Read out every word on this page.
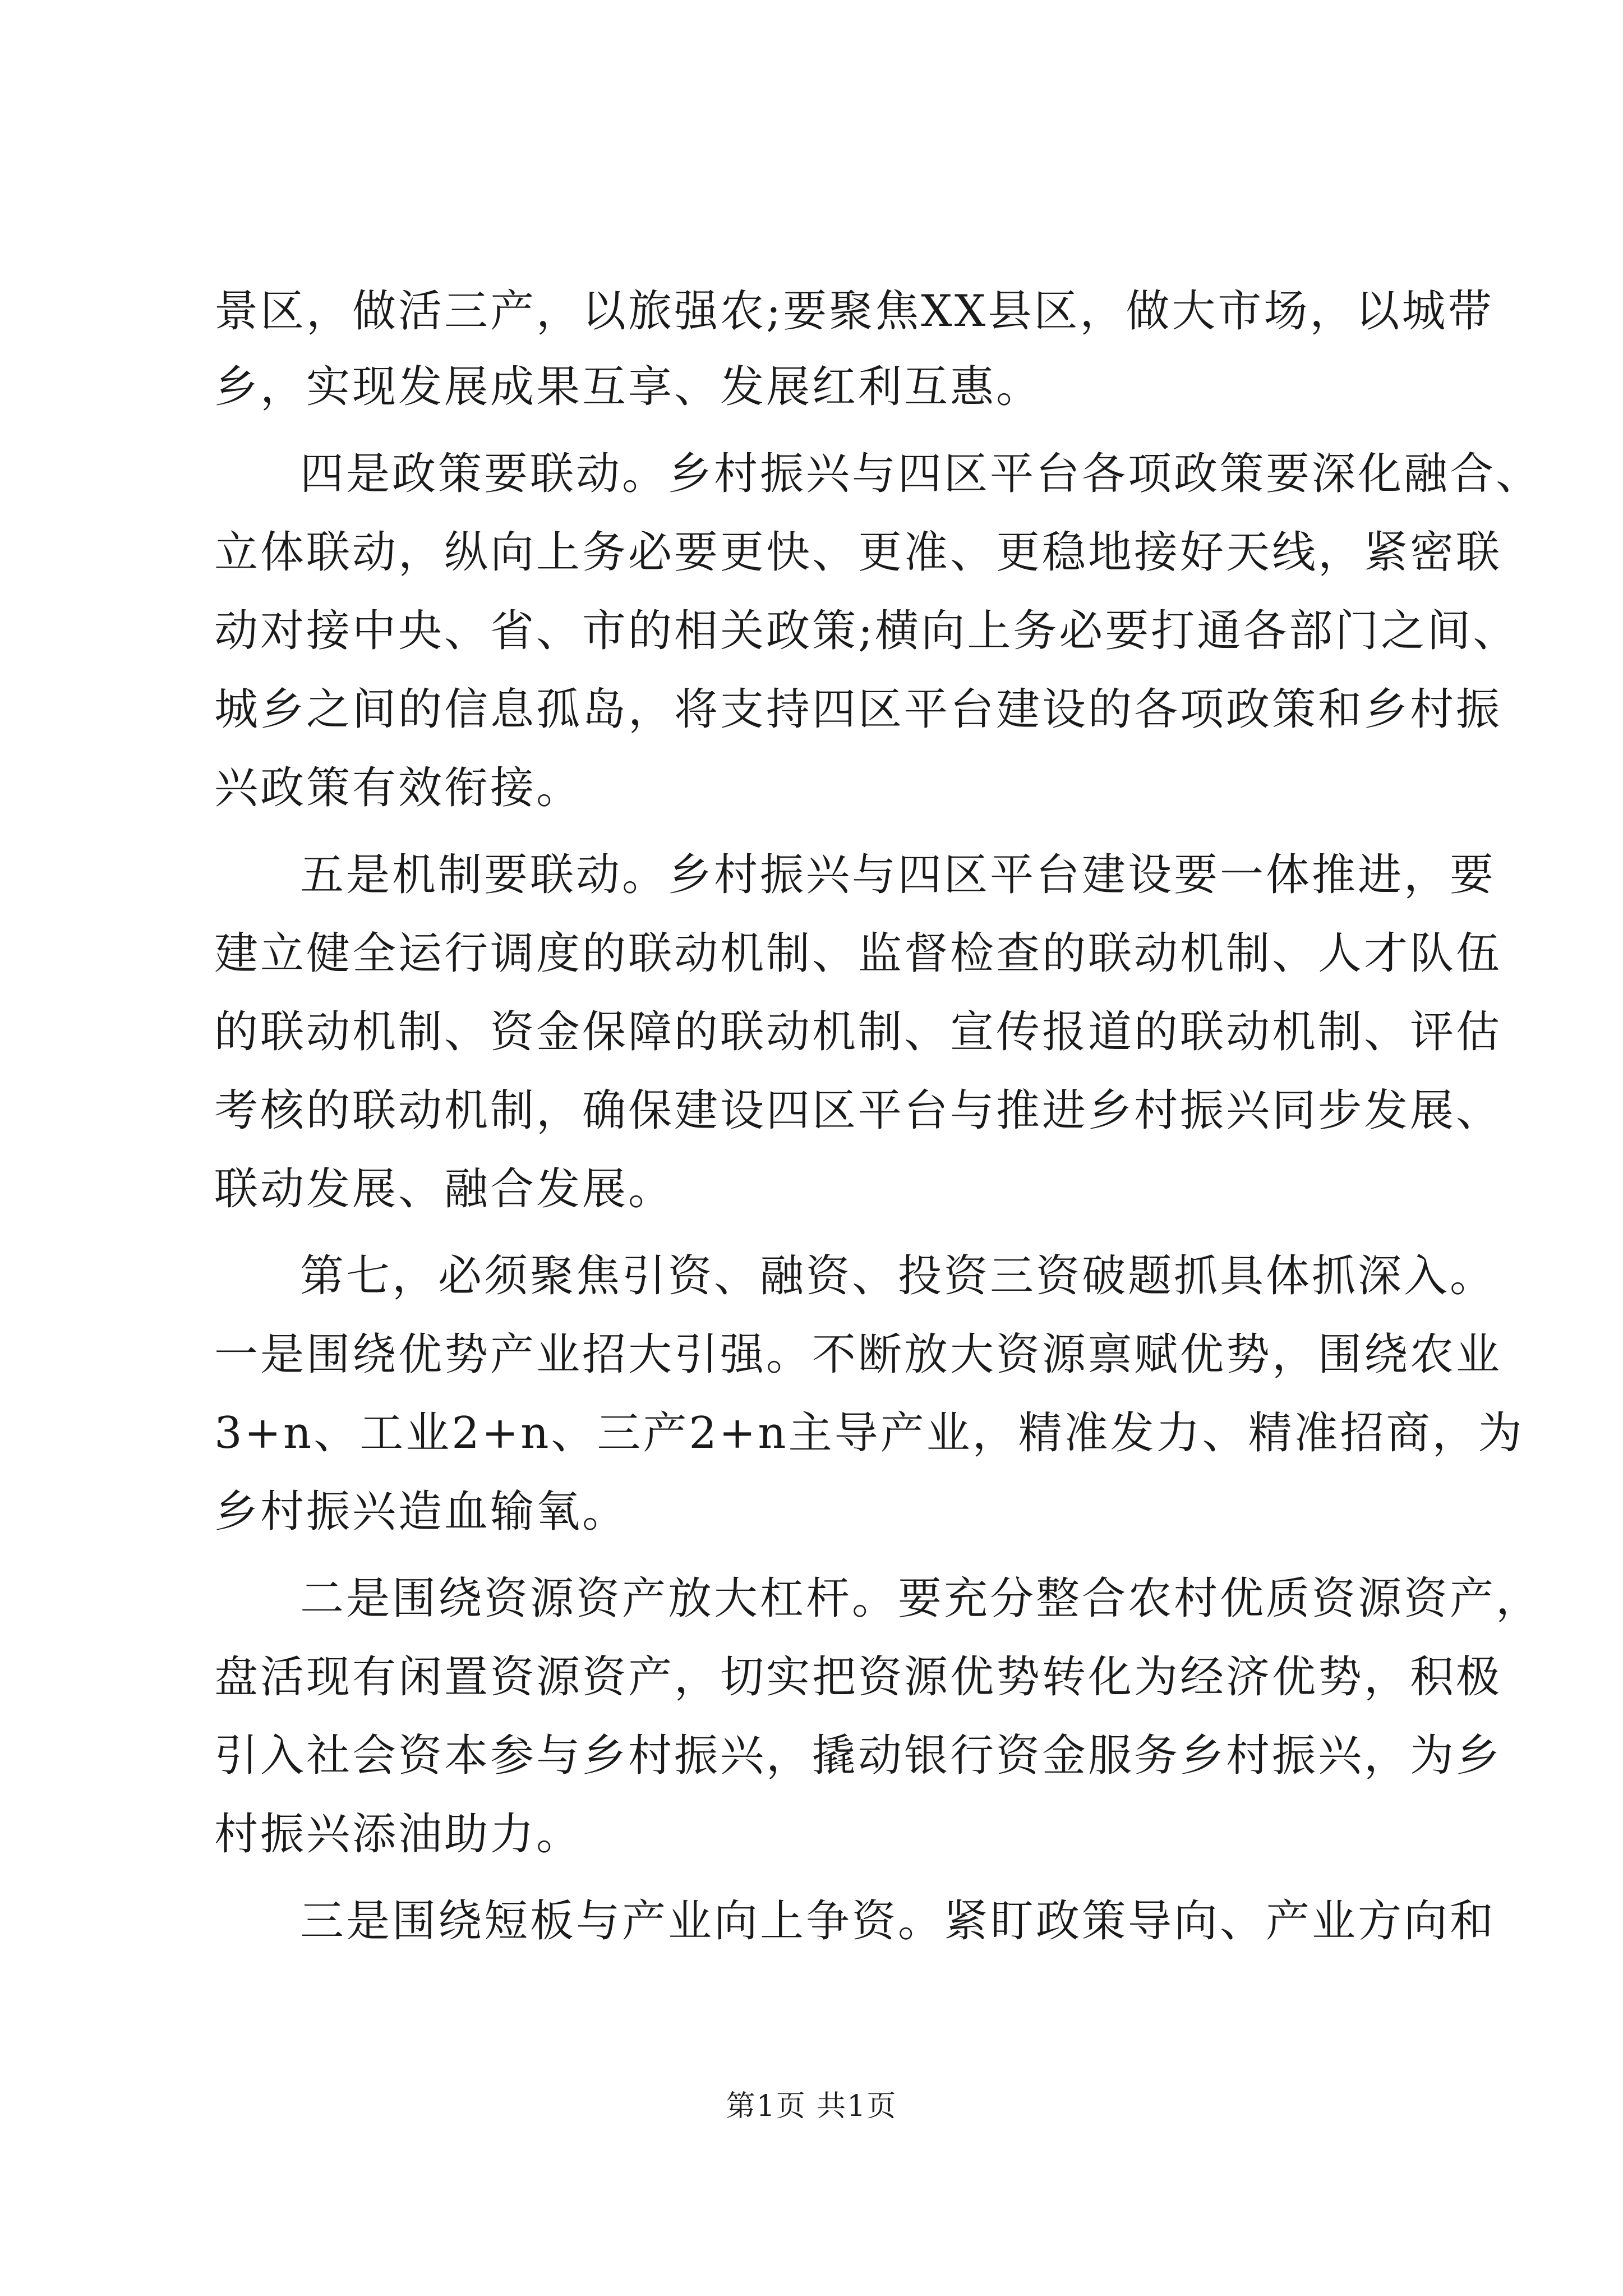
景区，做活三产，以旅强农;要聚焦XX县区，做大市场，以城带
乡，实现发展成果互享、发展红利互惠。
四是政策要联动。乡村振兴与四区平台各项政策要深化融合、
立体联动，纵向上务必要更快、更准、更稳地接好天线，紧密联
动对接中央、省、市的相关政策;横向上务必要打通各部门之间、
城乡之间的信息孤岛，将支持四区平台建设的各项政策和乡村振
兴政策有效衔接。
五是机制要联动。乡村振兴与四区平台建设要一体推进，要
建立健全运行调度的联动机制、监督检查的联动机制、人才队伍
的联动机制、资金保障的联动机制、宣传报道的联动机制、评估
考核的联动机制，确保建设四区平台与推进乡村振兴同步发展、
联动发展、融合发展。
第七，必须聚焦引资、融资、投资三资破题抓具体抓深入。
一是围绕优势产业招大引强。不断放大资源禀赋优势，围绕农业
3+n、工业2+n、三产2+n主导产业，精准发力、精准招商，为
乡村振兴造血输氧。
二是围绕资源资产放大杠杆。要充分整合农村优质资源资产，
盘活现有闲置资源资产，切实把资源优势转化为经济优势，积极
引入社会资本参与乡村振兴，撬动银行资金服务乡村振兴，为乡
村振兴添油助力。
三是围绕短板与产业向上争资。紧盯政策导向、产业方向和
第1页 共1页
